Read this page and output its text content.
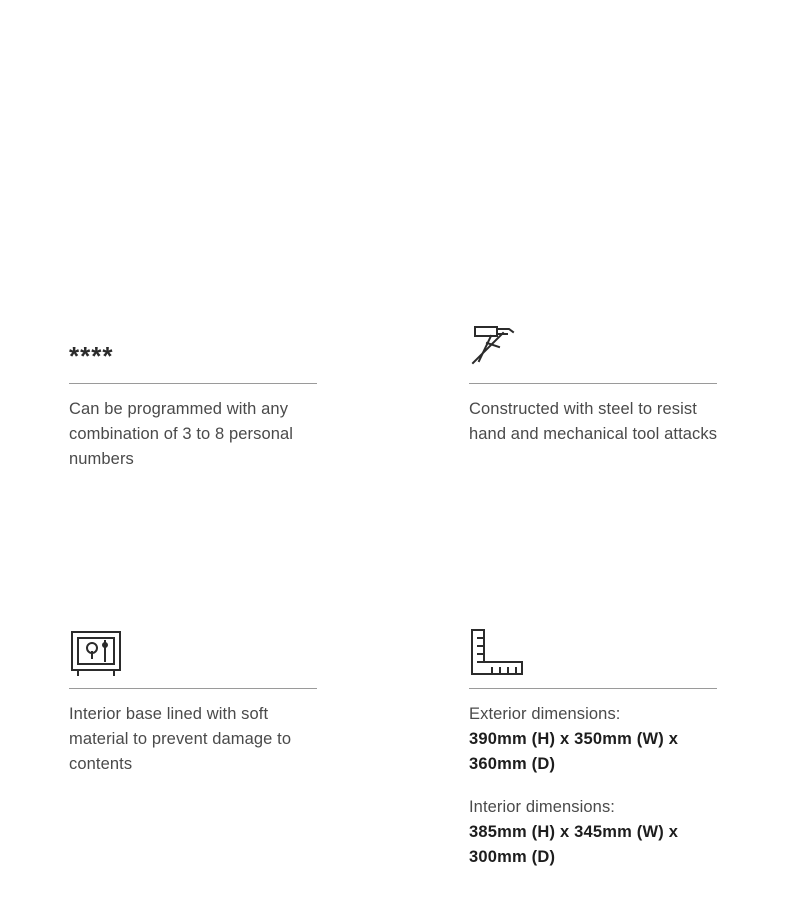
****
Can be programmed with any combination of 3 to 8 personal numbers
Constructed with steel to resist hand and mechanical tool attacks
Interior base lined with soft material to prevent damage to contents
Exterior dimensions:
390mm (H) x 350mm (W) x 360mm (D)
Interior dimensions:
385mm (H) x 345mm (W) x 300mm (D)
